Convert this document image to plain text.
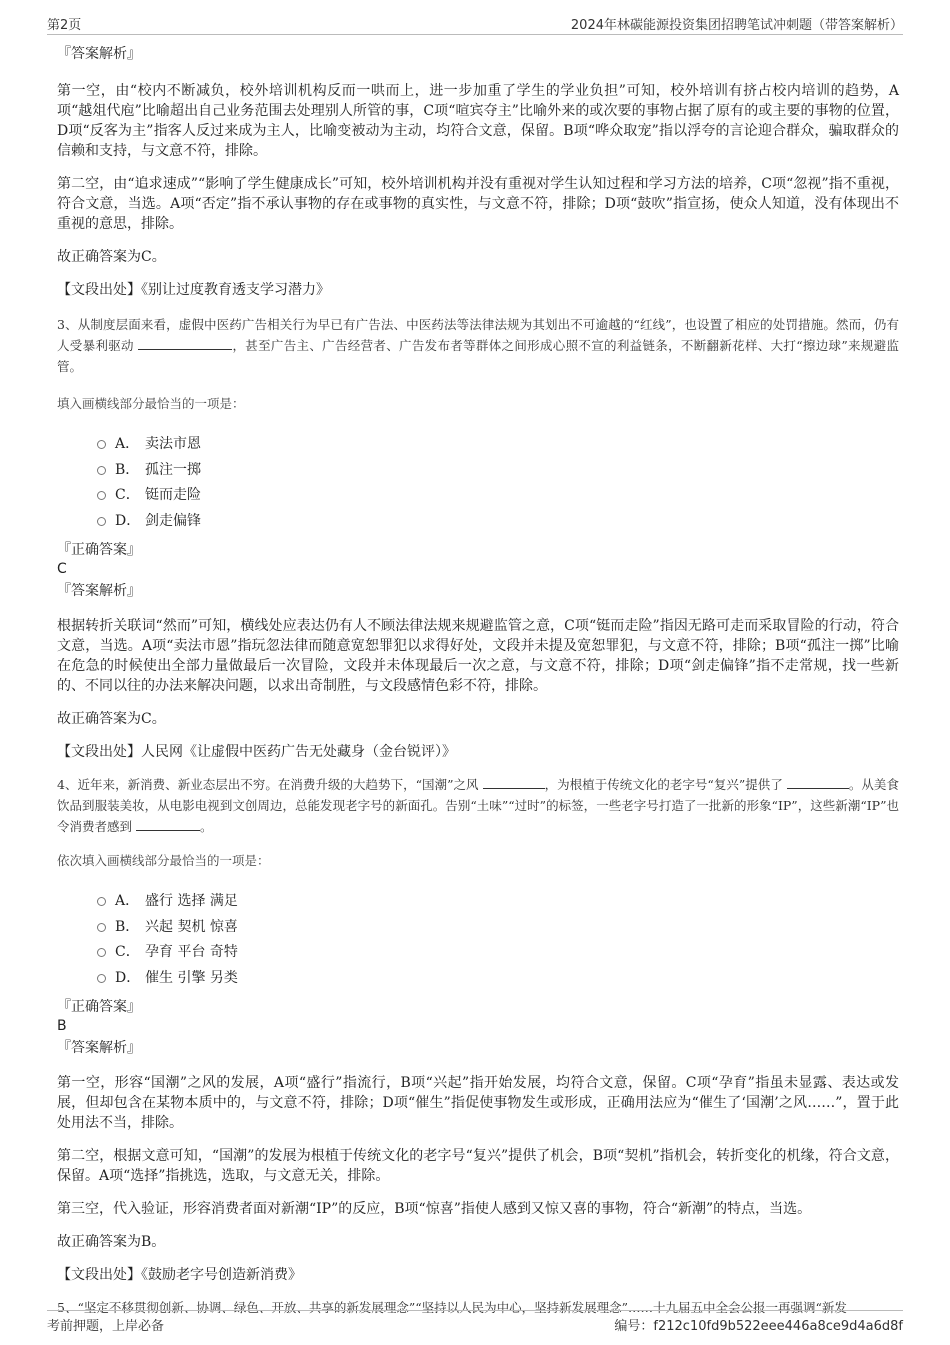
第2页	2024年林碳能源投资集团招聘笔试冲刺题（带答案解析）

『答案解析』

第一空，由“校内不断减负，校外培训机构反而一哄而上，进一步加重了学生的学业负担”可知，校外培训有挤占校内培训的趋势，A项“越俎代庖”比喻超出自己业务范围去处理别人所管的事，C项“喧宾夺主”比喻外来的或次要的事物占据了原有的或主要的事物的位置，D项“反客为主”指客人反过来成为主人，比喻变被动为主动，均符合文意，保留。B项“哗众取宠”指以浮夸的言论迎合群众，骗取群众的信赖和支持，与文意不符，排除。

第二空，由“追求速成”“影响了学生健康成长”可知，校外培训机构并没有重视对学生认知过程和学习方法的培养，C项“忽视”指不重视，符合文意，当选。A项“否定”指不承认事物的存在或事物的真实性，与文意不符，排除；D项“鼓吹”指宣扬，使众人知道，没有体现出不重视的意思，排除。

故正确答案为C。

【文段出处】《别让过度教育透支学习潜力》

3、从制度层面来看，虚假中医药广告相关行为早已有广告法、中医药法等法律法规为其划出不可逾越的“红线”，也设置了相应的处罚措施。然而，仍有人受暴利驱动	，甚至广告主、广告经营者、广告发布者等群体之间形成心照不宣的利益链条，不断翻新花样、大打“擦边球”来规避监管。

填入画横线部分最恰当的一项是：

A． 卖法市恩
B． 孤注一掷
C． 铤而走险
D． 剑走偏锋

『正确答案』

C

『答案解析』

根据转折关联词“然而”可知，横线处应表达仍有人不顾法律法规来规避监管之意，C项“铤而走险”指因无路可走而采取冒险的行动，符合文意，当选。A项“卖法市恩”指玩忽法律而随意宽恕罪犯以求得好处，文段并未提及宽恕罪犯，与文意不符，排除；B项“孤注一掷”比喻在危急的时候使出全部力量做最后一次冒险，文段并未体现最后一次之意，与文意不符，排除；D项“剑走偏锋”指不走常规，找一些新的、不同以往的办法来解决问题，以求出奇制胜，与文段感情色彩不符，排除。

故正确答案为C。

【文段出处】人民网《让虚假中医药广告无处藏身（金台锐评）》

4、近年来，新消费、新业态层出不穷。在消费升级的大趋势下，“国潮”之风	，为根植于传统文化的老字号“复兴”提供了	。从美食饮品到服装美妆，从电影电视到文创周边，总能发现老字号的新面孔。告别“土味”“过时”的标签，一些老字号打造了一批新的形象“IP”，这些新潮“IP”也令消费者感到	。

依次填入画横线部分最恰当的一项是：

A． 盛行 选择 满足
B． 兴起 契机 惊喜
C． 孕育 平台 奇特
D． 催生 引擎 另类

『正确答案』

B

『答案解析』

第一空，形容“国潮”之风的发展，A项“盛行”指流行，B项“兴起”指开始发展，均符合文意，保留。C项“孕育”指虽未显露、表达或发展，但却包含在某物本质中的，与文意不符，排除；D项“催生”指促使事物发生或形成，正确用法应为“催生了‘国潮’之风……”，置于此处用法不当，排除。

第二空，根据文意可知，“国潮”的发展为根植于传统文化的老字号“复兴”提供了机会，B项“契机”指机会，转折变化的机缘，符合文意，保留。A项“选择”指挑选，选取，与文意无关，排除。

第三空，代入验证，形容消费者面对新潮“IP”的反应，B项“惊喜”指使人感到又惊又喜的事物，符合“新潮”的特点，当选。

故正确答案为B。

【文段出处】《鼓励老字号创造新消费》

5、“坚定不移贯彻创新、协调、绿色、开放、共享的新发展理念”“坚持以人民为中心，坚持新发展理念”……十九届五中全会公报一再强调“新发

考前押题，上岸必备	编号：f212c10fd9b522eee446a8ce9d4a6d8f
